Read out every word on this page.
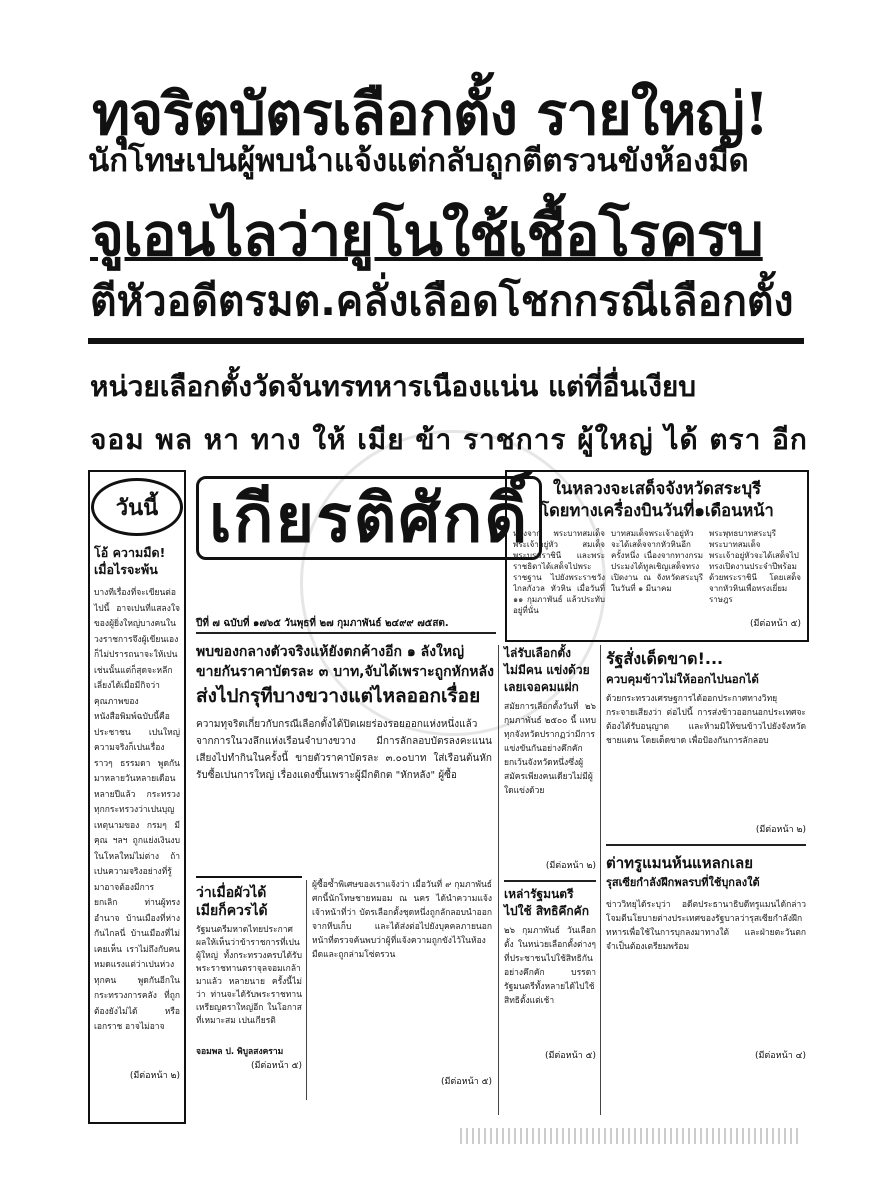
ทุจริตบัตรเลือกตั้ง รายใหญ่!
นักโทษเปนผู้พบนำแจ้งแต่กลับถูกตีตรวนขังห้องมืด
จูเอนไลว่ายูโนใช้เชื้อโรครบ
ตีหัวอดีตรมต.คลั่งเลือดโชกกรณีเลือกตั้ง
หน่วยเลือกตั้งวัดจันทรทหารเนืองแน่น แต่ที่อื่นเงียบ
จอม พล หา ทาง ให้ เมีย ข้า ราชการ ผู้ใหญ่ ได้ ตรา อีก
วันนี้
โอ้ ความมืด!
เมื่อไรจะพ้น
บางทีเรื่องที่จะเขียนต่อไปนี้ อาจเปนที่แสลงใจของผู้ยิ่งใหญ่บางคนในวงราชการจึงผู้เขียนเองก็ไม่ปรารถนาจะให้เปนเช่นนั้นแต่ก็สุดจะหลีกเลี่ยงได้เมื่อมีกิจว่าคุณภาพของหนังสือพิมพ์ฉบับนี้คือประชาชน เปนใหญ่ ความจริงก็เปนเรื่องราวๆ ธรรมดา พูดกันมาหลายวันหลายเดือน หลายปีแล้ว กระทรวงทุกกระทรวงว่าเปนบุญเหตุนามของ กรมๆ มีคุณ ฯลฯ ถูกแย่งเงินงบในโหลใหม่ไม่ต่าง ถ้าเปนความจริงอย่างที่รู้มาอาจต้องมีการ ยกเลิก ท่านผู้ทรงอำนาจ บ้านเมืองที่ห่างกันไกลนี่ บ้านเมืองที่ไม่เคยเห็น เราไม่ถึงกับคนหมดแรงแต่ว่าเปนห่วงทุกคน พูดกันอีกในกระทรวงการคลัง ที่ถูกต้องยังไม่ได้ หรือเอกราช อาจไม่อาจ
(มีต่อหน้า ๒)
เกียรติศักดิ์
ปีที่ ๗ ฉบับที่ ๑๗๖๕ วันพุธที่ ๒๗ กุมภาพันธ์ ๒๔๙๙ ๗๕สต.
ในหลวงจะเสด็จจังหวัดสระบุรี
โดยทางเครื่องบินวันที่๑เดือนหน้า
หลังจาก พระบาทสมเด็จ พระเจ้าอยู่หัว สมเด็จพระบรมราชินี และพระราชธิดาได้เสด็จไปพระราชฐาน ไปยังพระราชวังไกลกังวล หัวหิน เมื่อวันที่ ๑๑ กุมภาพันธ์ แล้วประทับอยู่ที่นั่น
บาทสมเด็จพระเจ้าอยู่หัว จะได้เสด็จจากหัวหินอีกครั้งหนึ่ง เนื่องจากทางกรมประมงได้ทูลเชิญเสด็จทรงเปิดงาน ณ จังหวัดสระบุรี ในวันที่ ๑ มีนาคม
พระพุทธบาทสระบุรี พระบาทสมเด็จพระเจ้าอยู่หัวจะได้เสด็จไปทรงเปิดงานประจำปีพร้อมด้วยพระราชินี โดยเสด็จจากหัวหินเพื่อทรงเยี่ยมราษฎร
(มีต่อหน้า ๕)
พบของกลางตัวจริงแห้ยังตกค้างอีก ๑ ลังใหญ่
ขายกันราคาบัตรละ ๓ บาท,จับได้เพราะถูกหักหลัง
ส่งไปกรุทีบางขวางแต่ไหลออกเรื่อย
ความทุจริตเกี่ยวกับกรณีเลือกตั้งได้ปิดเผยร่องรอยออกแห่งหนึ่งแล้วจากการในวงลึกแห่งเรือนจำบางขวาง มีการลักลอบบัตรลงคะแนนเสียงไปทำกินในครั้งนี้ ขายตัวราคาบัตรละ ๓.๐๐บาท ใส่เรือนต้นหักรับซื้อเปนการใหญ่ เรื่องแดงขึ้นเพราะผู้มีกติกต "หักหลัง" ผู้ซื้อ
ว่าเมื่อผัวได้
เมียก็ควรได้
รัฐมนตรีมหาดไทยประกาศผลให้เห็นว่าข้าราชการที่เปนผู้ใหญ่ ทั้งกระทรวงครบได้รับพระราชทานตราจุลจอมเกล้ามาแล้ว หลายนาย ครั้งนี้ไม่ว่า ท่านจะได้รับพระราชทานเหรียญตราใหญ่อีก ในโอกาสที่เหมาะสม เปนเกียรติ
จอมพล ป. พิบูลสงคราม
(มีต่อหน้า ๕)
ผู้ซื้อซ้ำพิเศษของเราแจ้งว่า เมื่อวันที่ ๙ กุมภาพันธ์ศกนี้นักโทษชายหมอม ณ นคร ได้นำความแจ้งเจ้าหน้าที่ว่า บัตรเลือกตั้งชุดหนึ่งถูกลักลอบนำออกจากหีบเก็บ และได้ส่งต่อไปยังบุคคลภายนอก หน้าที่ตรวจค้นพบว่าผู้ที่แจ้งความถูกขังไว้ในห้องมืดและถูกล่ามโซ่ตรวน
(มีต่อหน้า ๕)
ไล่รับเลือกตั้ง
ไม่มีคน แข่งด้วย
เลยเจอคมแฝก
สมัยการเลือกตั้งวันที่ ๒๖ กุมภาพันธ์ ๒๕๐๐ นี้ แทบทุกจังหวัดปรากฏว่ามีการแข่งขันกันอย่างคึกคัก ยกเว้นจังหวัดหนึ่งซึ่งผู้สมัครเพียงคนเดียวไม่มีผู้ใดแข่งด้วย
(มีต่อหน้า ๒)
เหล่ารัฐมนตรี
ไปใช้ สิทธิคึกคัก
๒๖ กุมภาพันธ์ วันเลือกตั้ง ในหน่วยเลือกตั้งต่างๆ ที่ประชาชนไปใช้สิทธิกันอย่างคึกคัก บรรดารัฐมนตรีทั้งหลายได้ไปใช้สิทธิตั้งแต่เช้า
(มีต่อหน้า ๕)
รัฐสั่งเด็ดขาด!...
ควบคุมข้าวไม่ให้ออกไปนอกได้
ด้วยกระทรวงเศรษฐการได้ออกประกาศทางวิทยุกระจายเสียงว่า ต่อไปนี้ การส่งข้าวออกนอกประเทศจะต้องได้รับอนุญาต และห้ามมิให้ขนข้าวไปยังจังหวัดชายแดน โดยเด็ดขาด เพื่อป้องกันการลักลอบ
(มีต่อหน้า ๒)
ต่าทรูแมนห้นแหลกเลย
รุสเซียกำลังฝึกพลรบที่ใช้บุกลงใต้
ข่าววิทยุได้ระบุว่า อดีตประธานาธิบดีทรูแมนได้กล่าวโจมตีนโยบายต่างประเทศของรัฐบาลว่ารุสเซียกำลังฝึกทหารเพื่อใช้ในการบุกลงมาทางใต้ และฝ่ายตะวันตกจำเป็นต้องเตรียมพร้อม
(มีต่อหน้า ๔)
